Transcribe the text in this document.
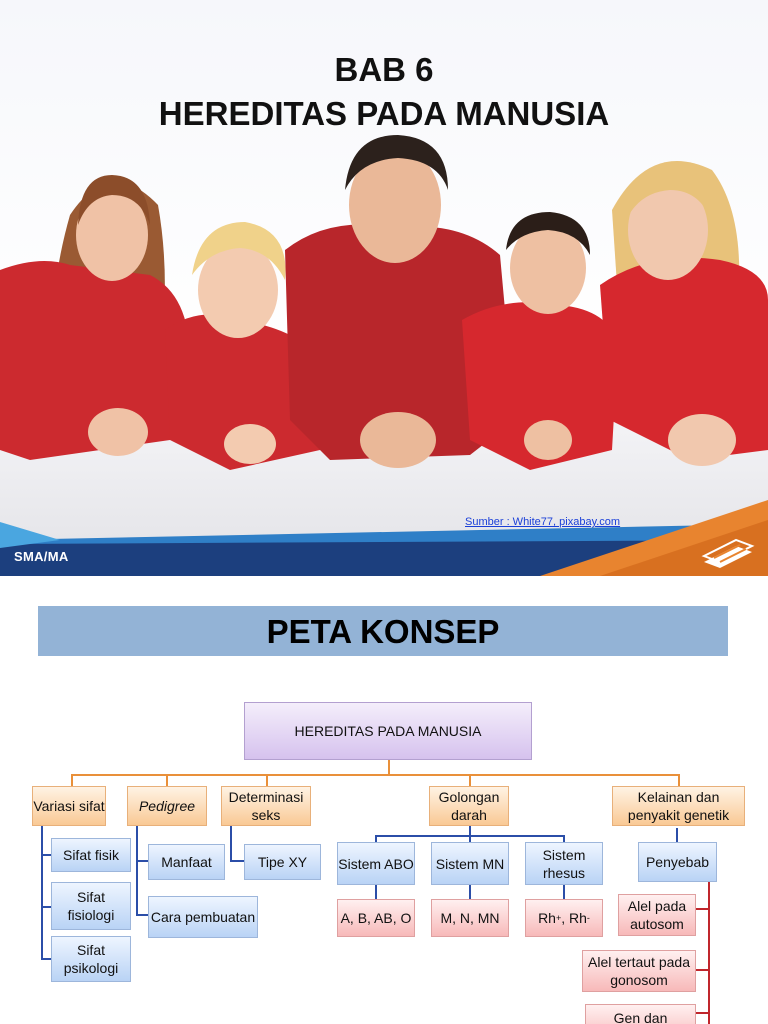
BAB 6
HEREDITAS PADA MANUSIA
Sumber : White77, pixabay.com
SMA/MA
PETA KONSEP
HEREDITAS PADA MANUSIA
Variasi sifat	Pedigree
Determinasi seks
Golongan darah
Kelainan dan penyakit genetik
Sifat fisik
Sifat fisiologi
Sifat psikologi
Manfaat
Cara pembuatan
Tipe XY	Sistem ABO	Sistem MN
Sistem rhesus
A, B, AB, O	M, N, MN	Rh + , Rh -
Penyebab
Alel pada autosom
Alel tertaut pada gonosom
Gen dan
